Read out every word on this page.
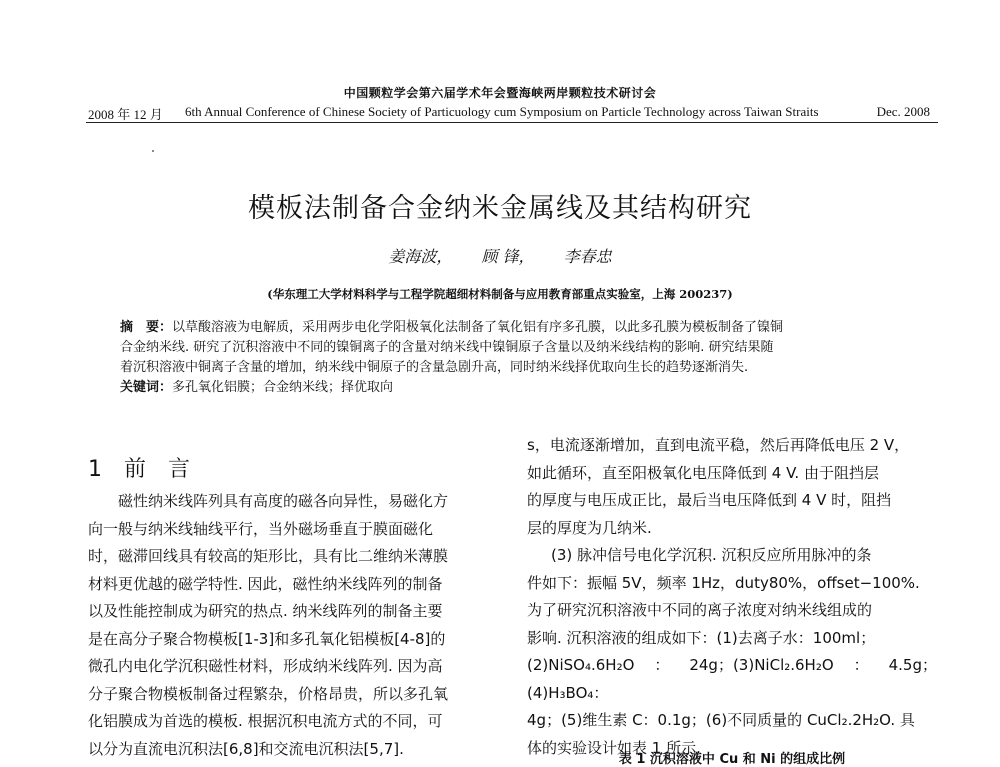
中国颗粒学会第六届学术年会暨海峡两岸颗粒技术研讨会
2008 年 12 月 6th Annual Conference of Chinese Society of Particuology cum Symposium on Particle Technology across Taiwan Straits	Dec. 2008
模板法制备合金纳米金属线及其结构研究
姜海波， 顾 锋， 李春忠
(华东理工大学材料科学与工程学院超细材料制备与应用教育部重点实验室，上海 200237)

摘　要：以草酸溶液为电解质，采用两步电化学阳极氧化法制备了氧化铝有序多孔膜，以此多孔膜为模板制备了镍铜

合金纳米线. 研究了沉积溶液中不同的镍铜离子的含量对纳米线中镍铜原子含量以及纳米线结构的影响. 研究结果随

着沉积溶液中铜离子含量的增加，纳米线中铜原子的含量急剧升高，同时纳米线择优取向生长的趋势逐渐消失.

关键词：多孔氧化铝膜；合金纳米线；择优取向

1 前　言

磁性纳米线阵列具有高度的磁各向异性，易磁化方

向一般与纳米线轴线平行，当外磁场垂直于膜面磁化

时，磁滞回线具有较高的矩形比，具有比二维纳米薄膜

材料更优越的磁学特性. 因此，磁性纳米线阵列的制备

以及性能控制成为研究的热点. 纳米线阵列的制备主要

是在高分子聚合物模板[1-3]和多孔氧化铝模板[4-8]的

微孔内电化学沉积磁性材料，形成纳米线阵列. 因为高

分子聚合物模板制备过程繁杂，价格昂贵，所以多孔氧

化铝膜成为首选的模板. 根据沉积电流方式的不同，可

以分为直流电沉积法[6,8]和交流电沉积法[5,7].

s，电流逐渐增加，直到电流平稳，然后再降低电压 2 V，

如此循环，直至阳极氧化电压降低到 4 V. 由于阻挡层

的厚度与电压成正比，最后当电压降低到 4 V 时，阻挡

层的厚度为几纳米.

(3) 脉冲信号电化学沉积. 沉积反应所用脉冲的条

件如下：振幅 5V，频率 1Hz，duty80%，offset−100%.

为了研究沉积溶液中不同的离子浓度对纳米线组成的

影响. 沉积溶液的组成如下：(1)去离子水：100ml；

(2)NiSO₄.6H₂O：24g；(3)NiCl₂.6H₂O：4.5g；(4)H₃BO₄：

4g；(5)维生素 C：0.1g；(6)不同质量的 CuCl₂.2H₂O. 具

体的实验设计如表 1 所示.

表 1 沉积溶液中 Cu 和 Ni 的组成比例
